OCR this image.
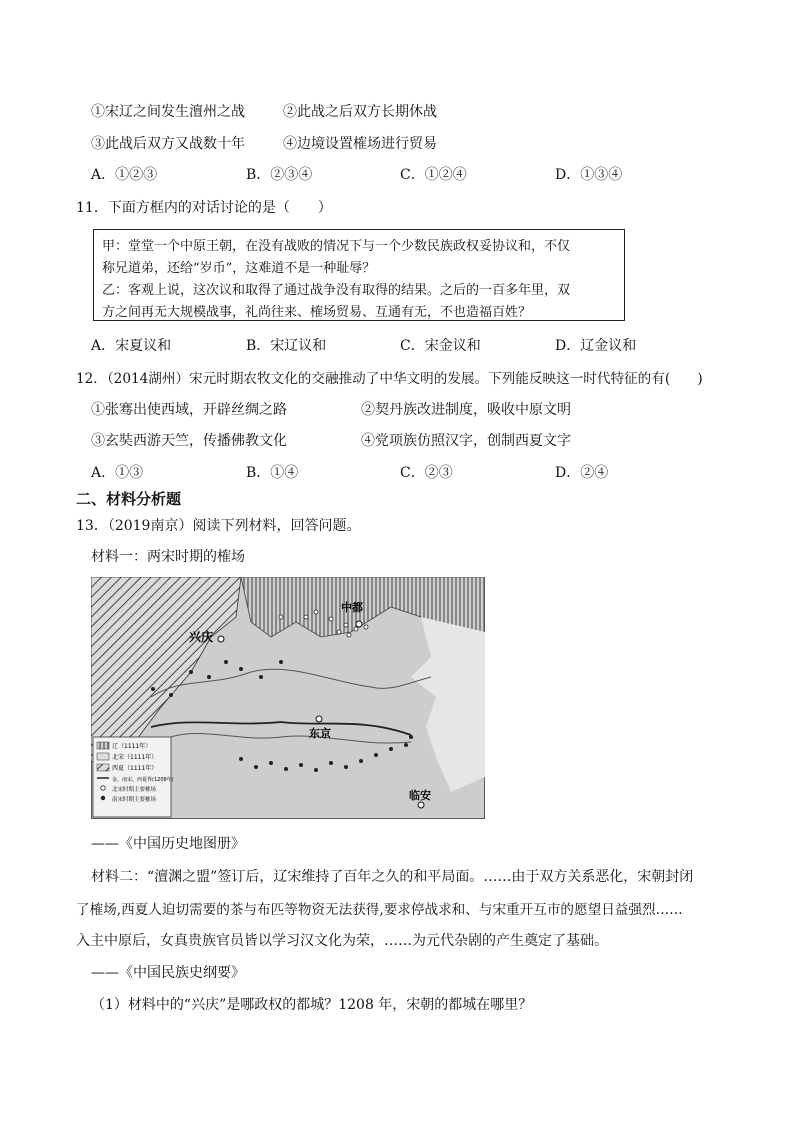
①宋辽之间发生澶州之战	②此战之后双方长期休战
③此战后双方又战数十年	④边境设置榷场进行贸易
A．①②③	B．②③④	C．①②④	D．①③④
11．下面方框内的对话讨论的是（　　）

甲：堂堂一个中原王朝，在没有战败的情况下与一个少数民族政权妥协议和，不仅

称兄道弟，还给“岁币”，这难道不是一种耻辱？

乙：客观上说，这次议和取得了通过战争没有取得的结果。之后的一百多年里，双

方之间再无大规模战事，礼尚往来、榷场贸易、互通有无，不也造福百姓？

A．宋夏议和	B．宋辽议和	C．宋金议和	D．辽金议和
12．（2014湖州）宋元时期农牧文化的交融推动了中华文明的发展。下列能反映这一时代特征的有(　　)
①张骞出使西域，开辟丝绸之路	②契丹族改进制度，吸收中原文明
③玄奘西游天竺，传播佛教文化	④党项族仿照汉字，创制西夏文字
A．①③	B．①④	C．②③	D．②④
二、材料分析题
13．（2019南京）阅读下列材料，回答问题。
材料一：两宋时期的榷场
辽（1111年）
北宋（1111年）
西夏（1111年）
金、南宋、西夏界(1208年)
北宋时期主要榷场
南宋时期主要榷场
中都
兴庆
东京
临安
——《中国历史地图册》
材料二：“澶渊之盟”签订后，辽宋维持了百年之久的和平局面。……由于双方关系恶化，宋朝封闭
了榷场,西夏人迫切需要的茶与布匹等物资无法获得,要求停战求和、与宋重开互市的愿望日益强烈……
入主中原后，女真贵族官员皆以学习汉文化为荣，……为元代杂剧的产生奠定了基础。
——《中国民族史纲要》
（1）材料中的“兴庆”是哪政权的都城？1208 年，宋朝的都城在哪里？
